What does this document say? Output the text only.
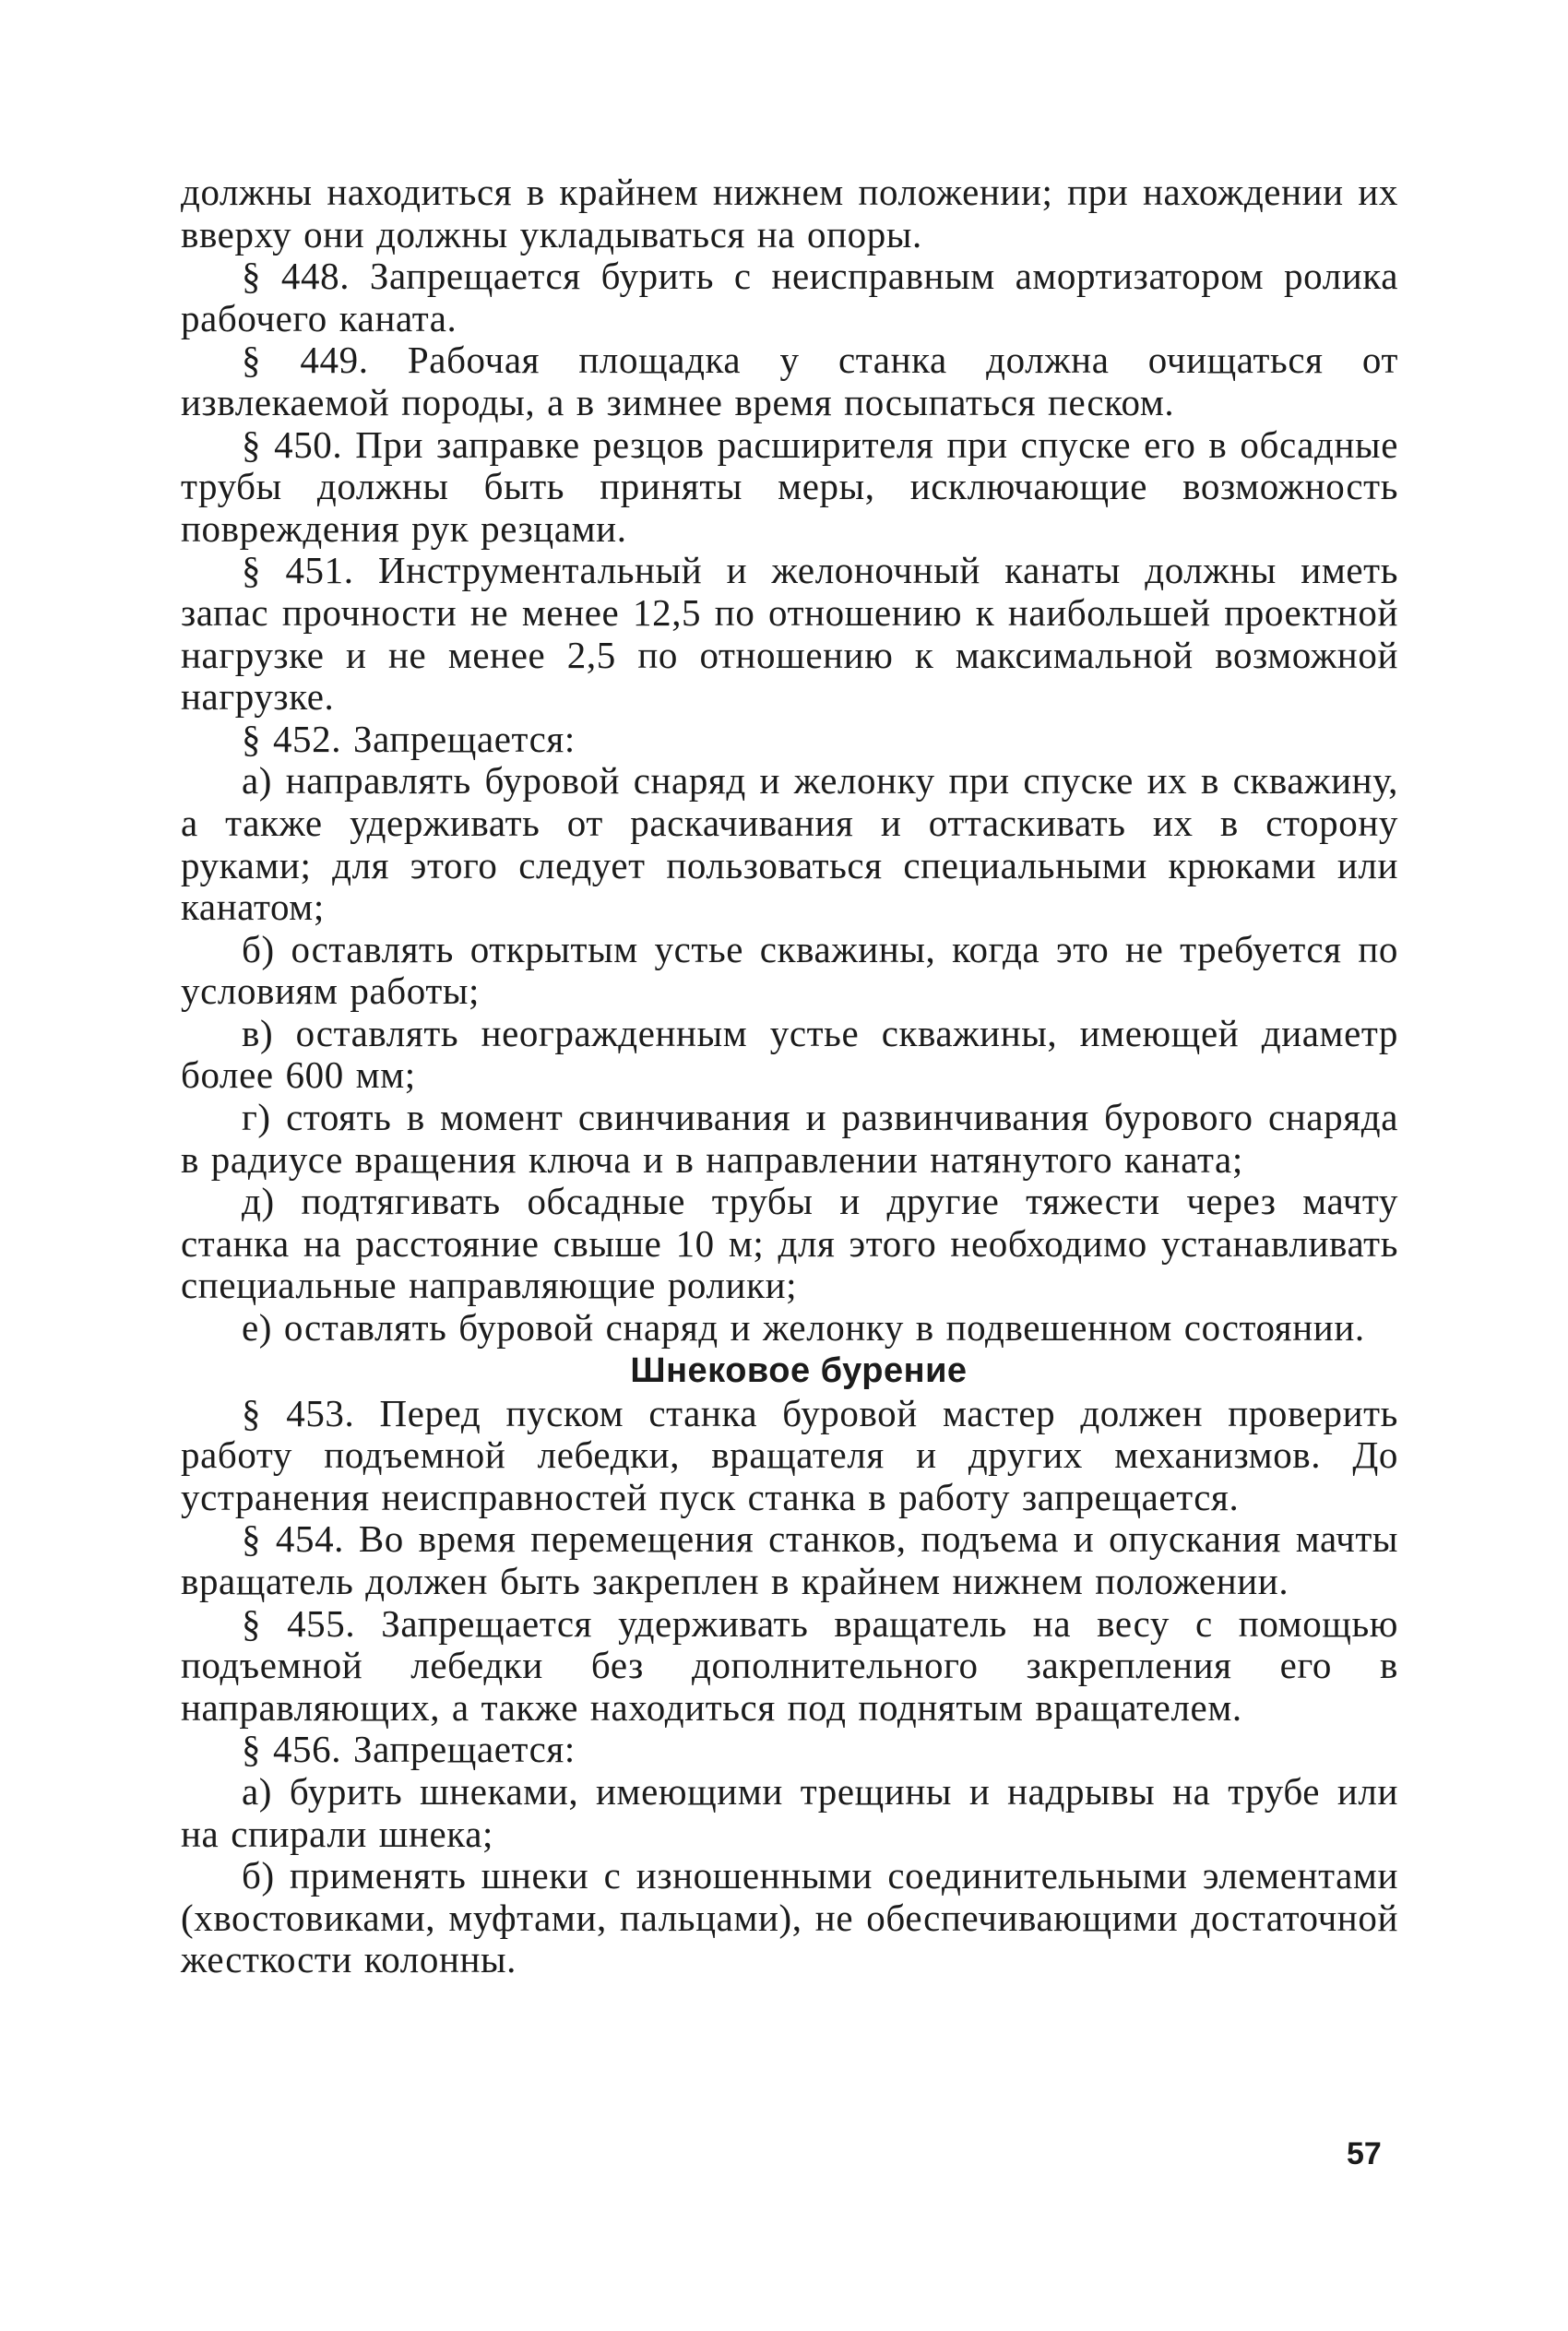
должны находиться в крайнем нижнем положении; при нахождении их вверху они должны укладываться на опоры.

§ 448. Запрещается бурить с неисправным амортизатором ролика рабочего каната.

§ 449. Рабочая площадка у станка должна очищаться от извлекаемой породы, а в зимнее время посыпаться песком.

§ 450. При заправке резцов расширителя при спуске его в обсадные трубы должны быть приняты меры, исключающие возможность повреждения рук резцами.

§ 451. Инструментальный и желоночный канаты должны иметь запас прочности не менее 12,5 по отношению к наибольшей проектной нагрузке и не менее 2,5 по отношению к максимальной возможной нагрузке.

§ 452. Запрещается:

а) направлять буровой снаряд и желонку при спуске их в скважину, а также удерживать от раскачивания и оттаскивать их в сторону руками; для этого следует пользоваться специальными крюками или канатом;

б) оставлять открытым устье скважины, когда это не требуется по условиям работы;

в) оставлять неогражденным устье скважины, имеющей диаметр более 600 мм;

г) стоять в момент свинчивания и развинчивания бурового снаряда в радиусе вращения ключа и в направлении натянутого каната;

д) подтягивать обсадные трубы и другие тяжести через мачту станка на расстояние свыше 10 м; для этого необходимо устанавливать специальные направляющие ролики;

е) оставлять буровой снаряд и желонку в подвешенном состоянии.

Шнековое бурение

§ 453. Перед пуском станка буровой мастер должен проверить работу подъемной лебедки, вращателя и других механизмов. До устранения неисправностей пуск станка в работу запрещается.

§ 454. Во время перемещения станков, подъема и опускания мачты вращатель должен быть закреплен в крайнем нижнем положении.

§ 455. Запрещается удерживать вращатель на весу с помощью подъемной лебедки без дополнительного закрепления его в направляющих, а также находиться под поднятым вращателем.

§ 456. Запрещается:

а) бурить шнеками, имеющими трещины и надрывы на трубе или на спирали шнека;

б) применять шнеки с изношенными соединительными элементами (хвостовиками, муфтами, пальцами), не обеспечивающими достаточной жесткости колонны.

57
